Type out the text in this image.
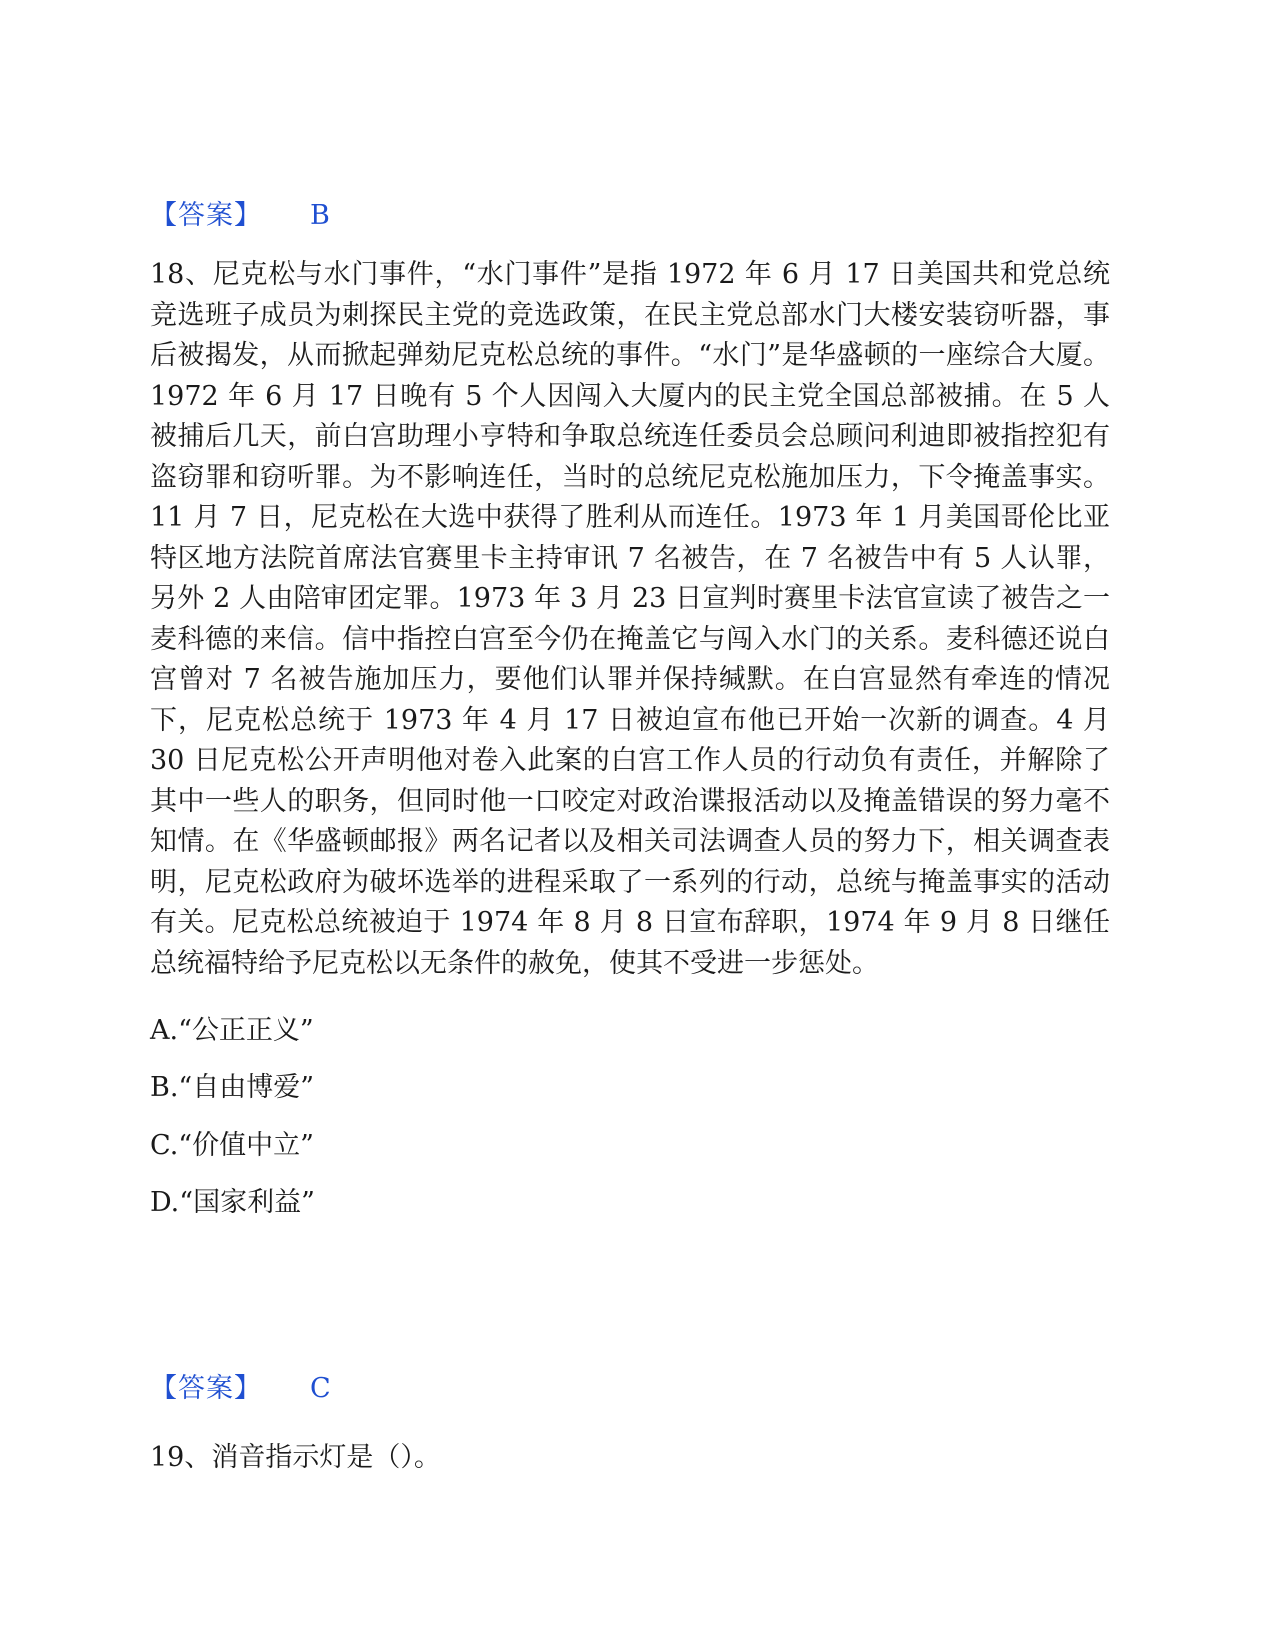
【答案】 B

18、尼克松与水门事件，“水门事件”是指 1972 年 6 月 17 日美国共和党总统竞选班子成员为刺探民主党的竞选政策，在民主党总部水门大楼安装窃听器，事后被揭发，从而掀起弹劾尼克松总统的事件。“水门”是华盛顿的一座综合大厦。1972 年 6 月 17 日晚有 5 个人因闯入大厦内的民主党全国总部被捕。在 5 人被捕后几天，前白宫助理小亨特和争取总统连任委员会总顾问利迪即被指控犯有盗窃罪和窃听罪。为不影响连任，当时的总统尼克松施加压力，下令掩盖事实。11 月 7 日，尼克松在大选中获得了胜利从而连任。1973 年 1 月美国哥伦比亚特区地方法院首席法官赛里卡主持审讯 7 名被告，在 7 名被告中有 5 人认罪，另外 2 人由陪审团定罪。1973 年 3 月 23 日宣判时赛里卡法官宣读了被告之一麦科德的来信。信中指控白宫至今仍在掩盖它与闯入水门的关系。麦科德还说白宫曾对 7 名被告施加压力，要他们认罪并保持缄默。在白宫显然有牵连的情况下，尼克松总统于 1973 年 4 月 17 日被迫宣布他已开始一次新的调查。4 月 30 日尼克松公开声明他对卷入此案的白宫工作人员的行动负有责任，并解除了其中一些人的职务，但同时他一口咬定对政治谍报活动以及掩盖错误的努力毫不知情。在《华盛顿邮报》两名记者以及相关司法调查人员的努力下，相关调查表明，尼克松政府为破坏选举的进程采取了一系列的行动，总统与掩盖事实的活动有关。尼克松总统被迫于 1974 年 8 月 8 日宣布辞职，1974 年 9 月 8 日继任总统福特给予尼克松以无条件的赦免，使其不受进一步惩处。

A.“公正正义”
B.“自由博爱”
C.“价值中立”
D.“国家利益”
【答案】 C
19、消音指示灯是（）。
